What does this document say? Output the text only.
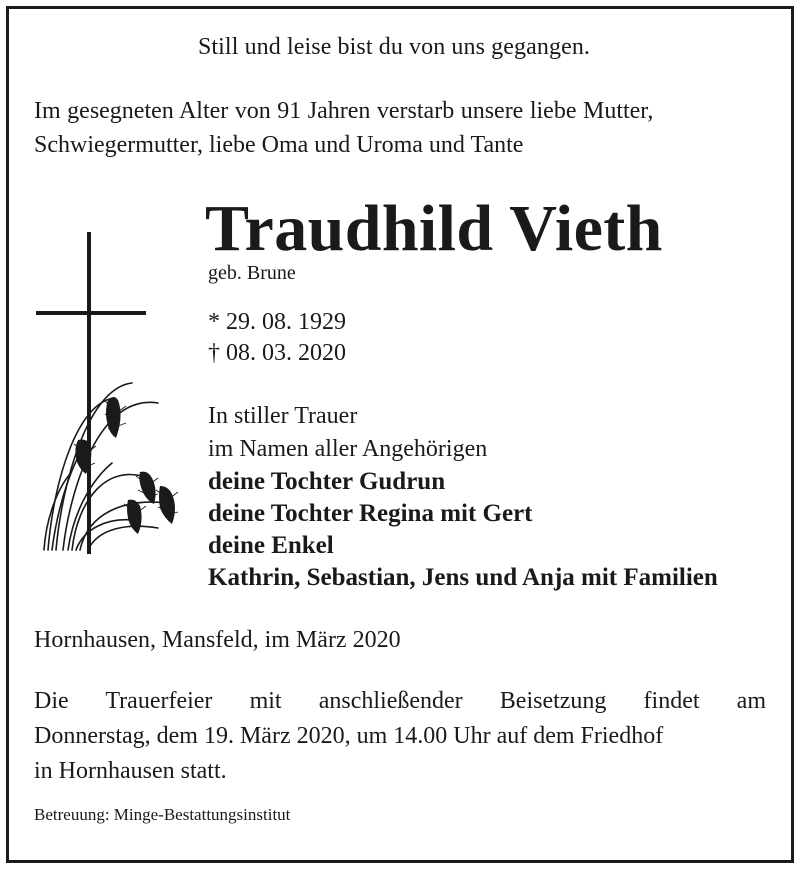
Still und leise bist du von uns gegangen.
Im gesegneten Alter von 91 Jahren verstarb unsere liebe Mutter,
Schwiegermutter, liebe Oma und Uroma und Tante
Traudhild Vieth
geb. Brune
* 29. 08. 1929
† 08. 03. 2020
In stiller Trauer
im Namen aller Angehörigen
deine Tochter Gudrun
deine Tochter Regina mit Gert
deine Enkel
Kathrin, Sebastian, Jens und Anja mit Familien
Hornhausen, Mansfeld, im März 2020
Die Trauerfeier mit anschließender Beisetzung findet am
Donnerstag, dem 19. März 2020, um 14.00 Uhr auf dem Friedhof
in Hornhausen statt.
Betreuung: Minge-Bestattungsinstitut
